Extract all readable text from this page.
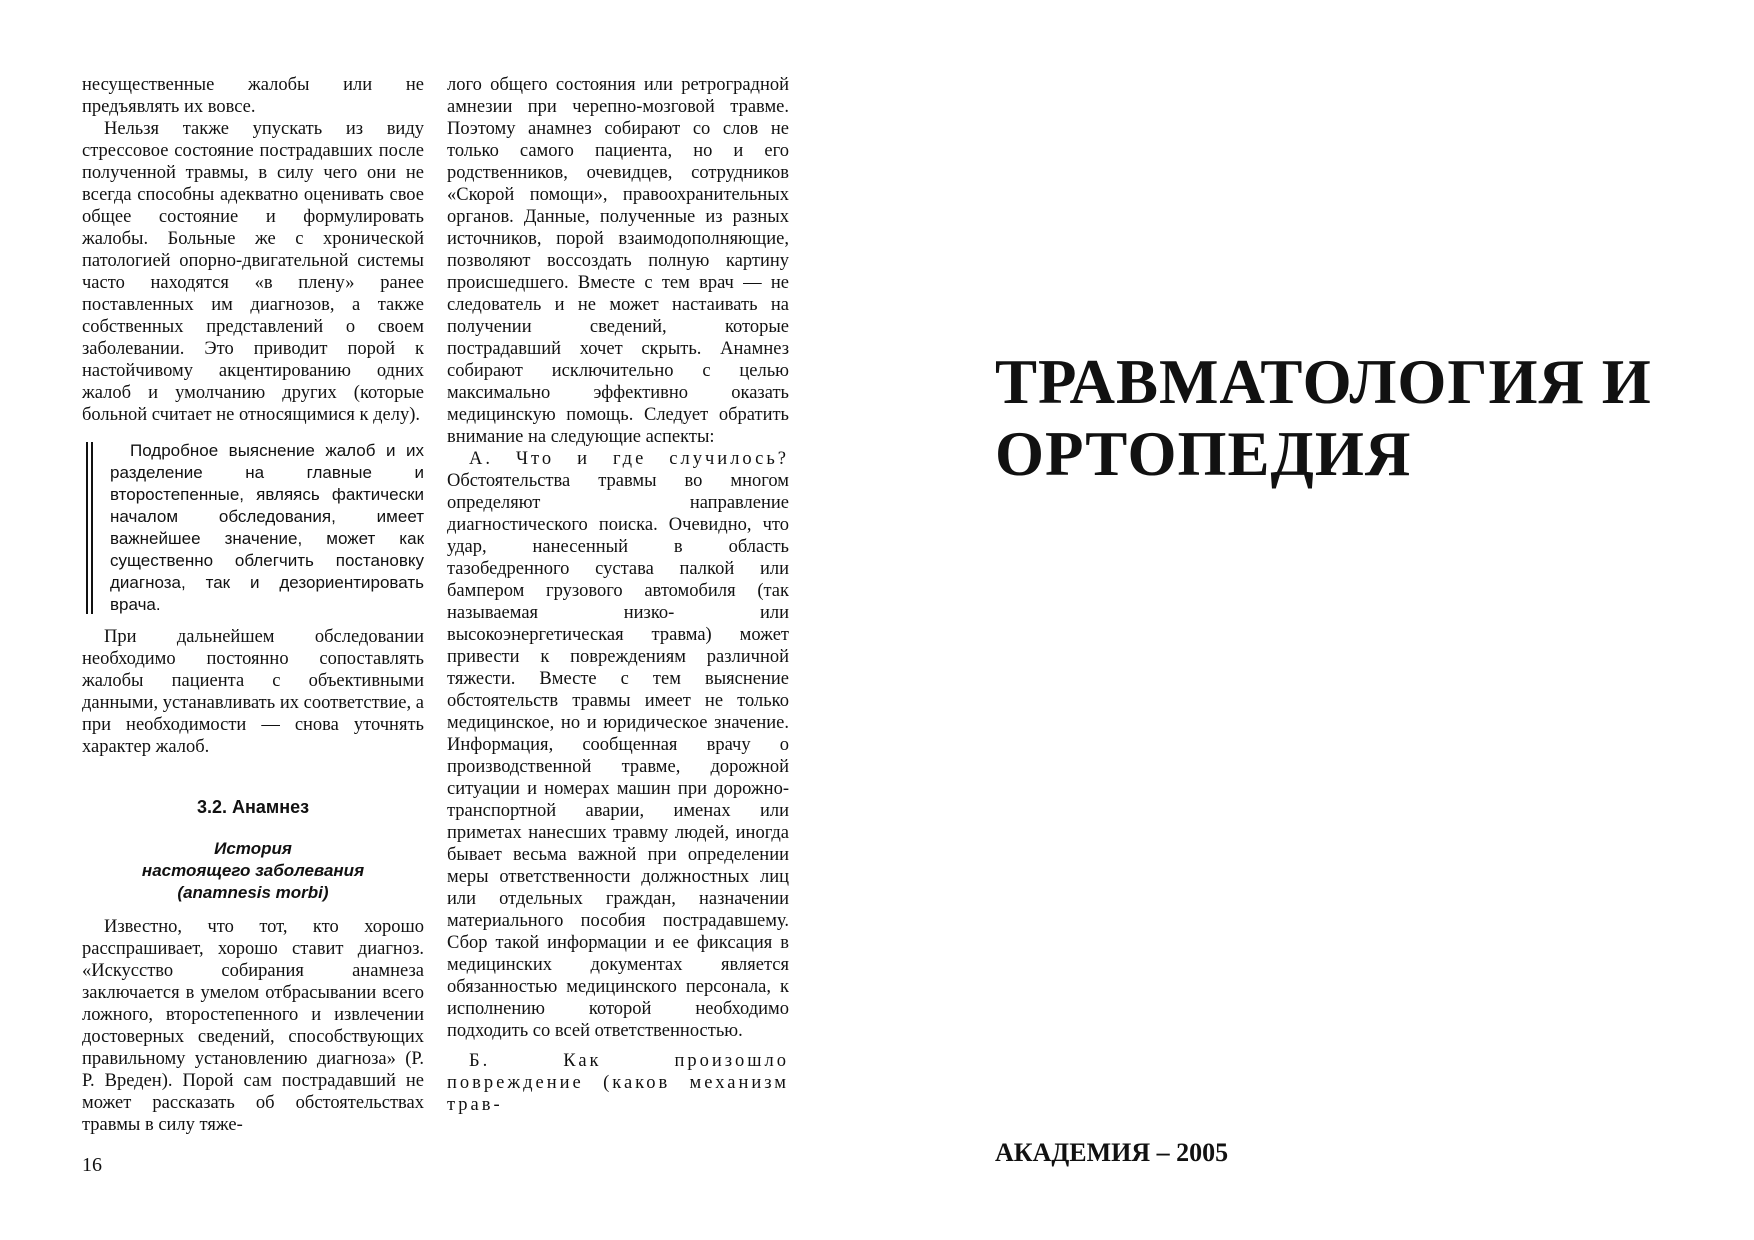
несущественные жалобы или не предъявлять их вовсе.

Нельзя также упускать из виду стрессовое состояние пострадавших после полученной травмы, в силу чего они не всегда способны адекватно оценивать свое общее состояние и формулировать жалобы. Больные же с хронической патологией опорно-двигательной системы часто находятся «в плену» ранее поставленных им диагнозов, а также собственных представлений о своем заболевании. Это приводит порой к настойчивому акцентированию одних жалоб и умолчанию других (которые больной считает не относящимися к делу).

Подробное выяснение жалоб и их разделение на главные и второстепенные, являясь фактически началом обследования, имеет важнейшее значение, может как существенно облегчить постановку диагноза, так и дезориентировать врача.

При дальнейшем обследовании необходимо постоянно сопоставлять жалобы пациента с объективными данными, устанавливать их соответствие, а при необходимости — снова уточнять характер жалоб.

3.2. Анамнез
История
настоящего заболевания
(anamnesis morbi)

Известно, что тот, кто хорошо расспрашивает, хорошо ставит диагноз. «Искусство собирания анамнеза заключается в умелом отбрасывании всего ложного, второстепенного и извлечении достоверных сведений, способствующих правильному установлению диагноза» (Р. Р. Вреден). Порой сам пострадавший не может рассказать об обстоятельствах травмы в силу тяже-

лого общего состояния или ретроградной амнезии при черепно-мозговой травме. Поэтому анамнез собирают со слов не только самого пациента, но и его родственников, очевидцев, сотрудников «Скорой помощи», правоохранительных органов. Данные, полученные из разных источников, порой взаимодополняющие, позволяют воссоздать полную картину происшедшего. Вместе с тем врач — не следователь и не может настаивать на получении сведений, которые пострадавший хочет скрыть. Анамнез собирают исключительно с целью максимально эффективно оказать медицинскую помощь. Следует обратить внимание на следующие аспекты:

А. Что и где случилось? Обстоятельства травмы во многом определяют направление диагностического поиска. Очевидно, что удар, нанесенный в область тазобедренного сустава палкой или бампером грузового автомобиля (так называемая низко- или высокоэнергетическая травма) может привести к повреждениям различной тяжести. Вместе с тем выяснение обстоятельств травмы имеет не только медицинское, но и юридическое значение. Информация, сообщенная врачу о производственной травме, дорожной ситуации и номерах машин при дорожно-транспортной аварии, именах или приметах нанесших травму людей, иногда бывает весьма важной при определении меры ответственности должностных лиц или отдельных граждан, назначении материального пособия пострадавшему. Сбор такой информации и ее фиксация в медицинских документах является обязанностью медицинского персонала, к исполнению которой необходимо подходить со всей ответственностью.

Б. Как произошло повреждение (каков механизм трав-

16
ТРАВМАТОЛОГИЯ И
ОРТОПЕДИЯ
АКАДЕМИЯ – 2005
